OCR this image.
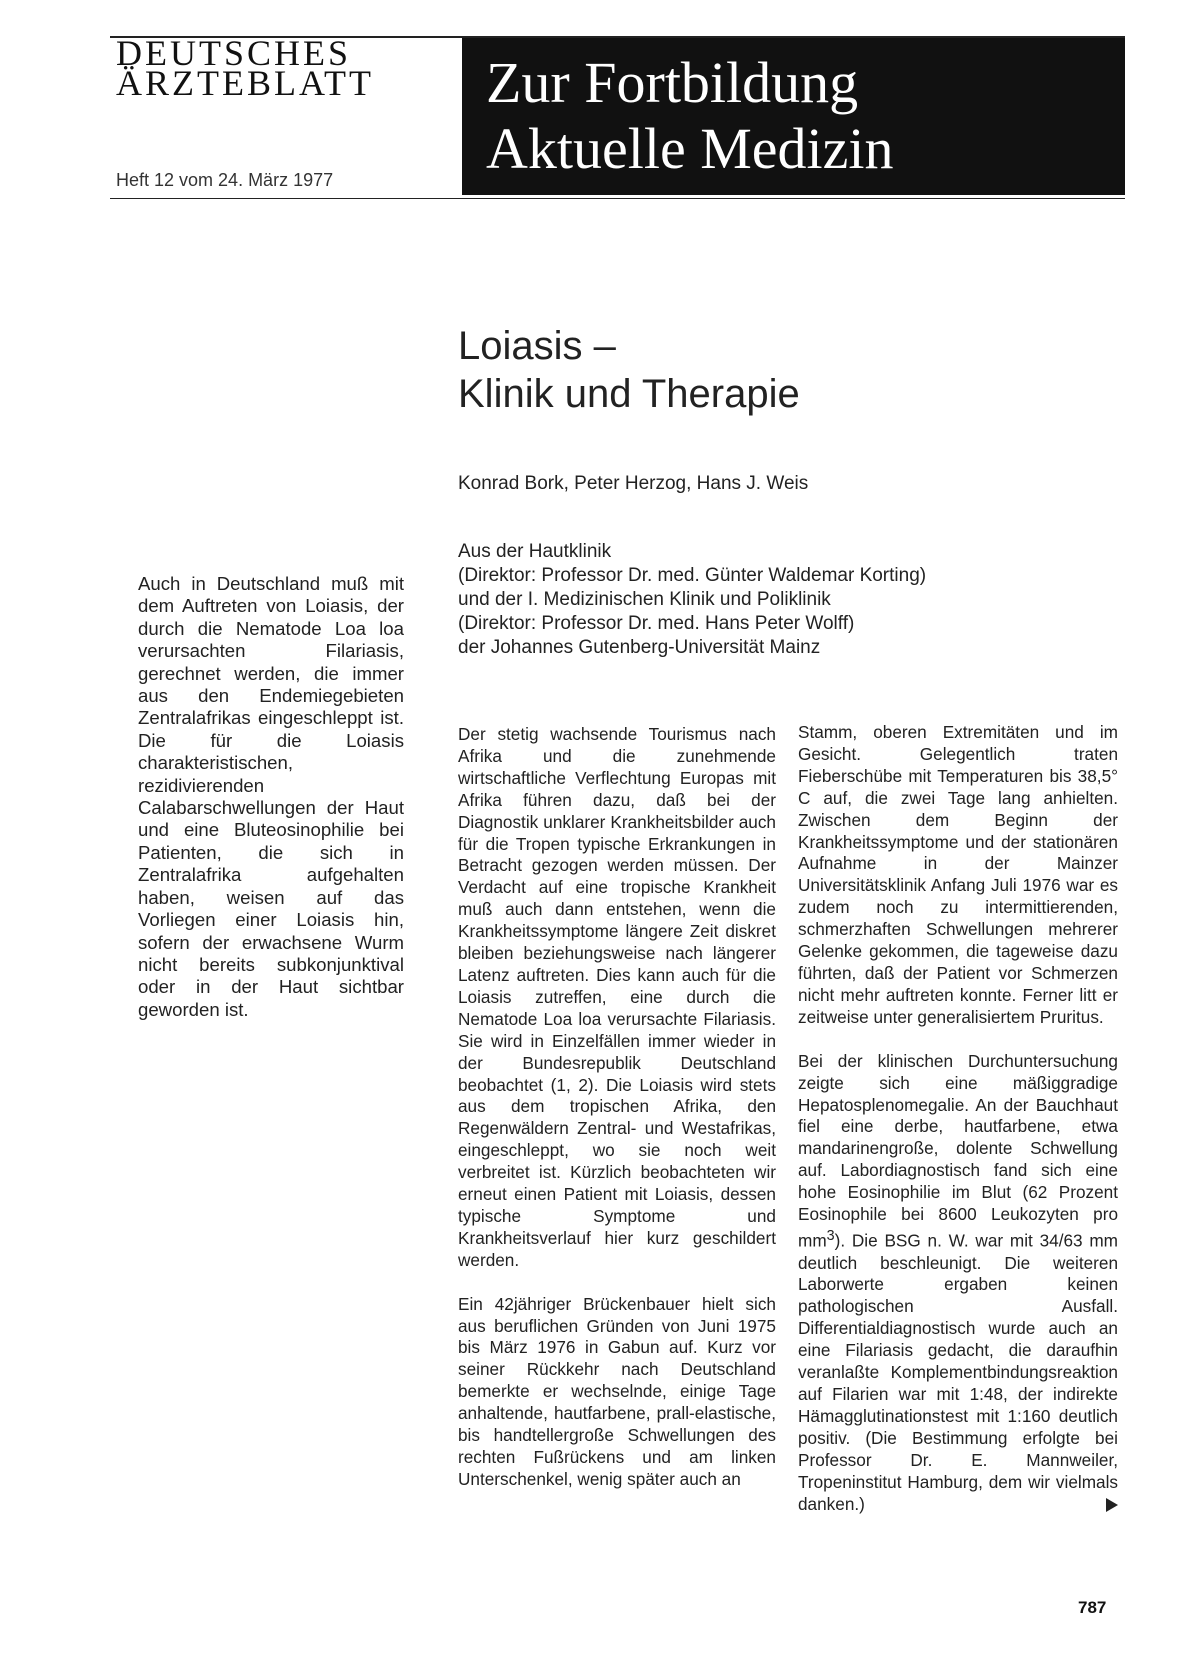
DEUTSCHES
ÄRZTEBLATT
Heft 12 vom 24. März 1977
Zur Fortbildung
Aktuelle Medizin
Loiasis –
Klinik und Therapie
Konrad Bork, Peter Herzog, Hans J. Weis
Aus der Hautklinik
(Direktor: Professor Dr. med. Günter Waldemar Korting)
und der I. Medizinischen Klinik und Poliklinik
(Direktor: Professor Dr. med. Hans Peter Wolff)
der Johannes Gutenberg-Universität Mainz
Auch in Deutschland muß mit dem Auftreten von Loiasis, der durch die Nematode Loa loa verursachten Filariasis, gerechnet werden, die immer aus den Endemiegebieten Zentralafrikas eingeschleppt ist. Die für die Loiasis charakteristischen, rezidivierenden Calabarschwellungen der Haut und eine Bluteosinophilie bei Patienten, die sich in Zentralafrika aufgehalten haben, weisen auf das Vorliegen einer Loiasis hin, sofern der erwachsene Wurm nicht bereits subkonjunktival oder in der Haut sichtbar geworden ist.

Der stetig wachsende Tourismus nach Afrika und die zunehmende wirtschaftliche Verflechtung Europas mit Afrika führen dazu, daß bei der Diagnostik unklarer Krankheitsbilder auch für die Tropen typische Erkrankungen in Betracht gezogen werden müssen. Der Verdacht auf eine tropische Krankheit muß auch dann entstehen, wenn die Krankheitssymptome längere Zeit diskret bleiben beziehungsweise nach längerer Latenz auftreten. Dies kann auch für die Loiasis zutreffen, eine durch die Nematode Loa loa verursachte Filariasis. Sie wird in Einzelfällen immer wieder in der Bundesrepublik Deutschland beobachtet (1, 2). Die Loiasis wird stets aus dem tropischen Afrika, den Regenwäldern Zentral- und Westafrikas, eingeschleppt, wo sie noch weit verbreitet ist. Kürzlich beobachteten wir erneut einen Patient mit Loiasis, dessen typische Symptome und Krankheitsverlauf hier kurz geschildert werden.

Ein 42jähriger Brückenbauer hielt sich aus beruflichen Gründen von Juni 1975 bis März 1976 in Gabun auf. Kurz vor seiner Rückkehr nach Deutschland bemerkte er wechselnde, einige Tage anhaltende, hautfarbene, prall-elastische, bis handtellergroße Schwellungen des rechten Fußrückens und am linken Unterschenkel, wenig später auch an

Stamm, oberen Extremitäten und im Gesicht. Gelegentlich traten Fieberschübe mit Temperaturen bis 38,5° C auf, die zwei Tage lang anhielten. Zwischen dem Beginn der Krankheitssymptome und der stationären Aufnahme in der Mainzer Universitätsklinik Anfang Juli 1976 war es zudem noch zu intermittierenden, schmerzhaften Schwellungen mehrerer Gelenke gekommen, die tageweise dazu führten, daß der Patient vor Schmerzen nicht mehr auftreten konnte. Ferner litt er zeitweise unter generalisiertem Pruritus.

Bei der klinischen Durchuntersuchung zeigte sich eine mäßiggradige Hepatosplenomegalie. An der Bauchhaut fiel eine derbe, hautfarbene, etwa mandarinengroße, dolente Schwellung auf. Labordiagnostisch fand sich eine hohe Eosinophilie im Blut (62 Prozent Eosinophile bei 8600 Leukozyten pro $mm^3$). Die BSG n. W. war mit 34/63 mm deutlich beschleunigt. Die weiteren Laborwerte ergaben keinen pathologischen Ausfall. Differentialdiagnostisch wurde auch an eine Filariasis gedacht, die daraufhin veranlaßte Komplementbindungsreaktion auf Filarien war mit 1:48, der indirekte Hämagglutinationstest mit 1:160 deutlich positiv. (Die Bestimmung erfolgte bei Professor Dr. E. Mannweiler, Tropeninstitut Hamburg, dem wir vielmals danken.)

787
